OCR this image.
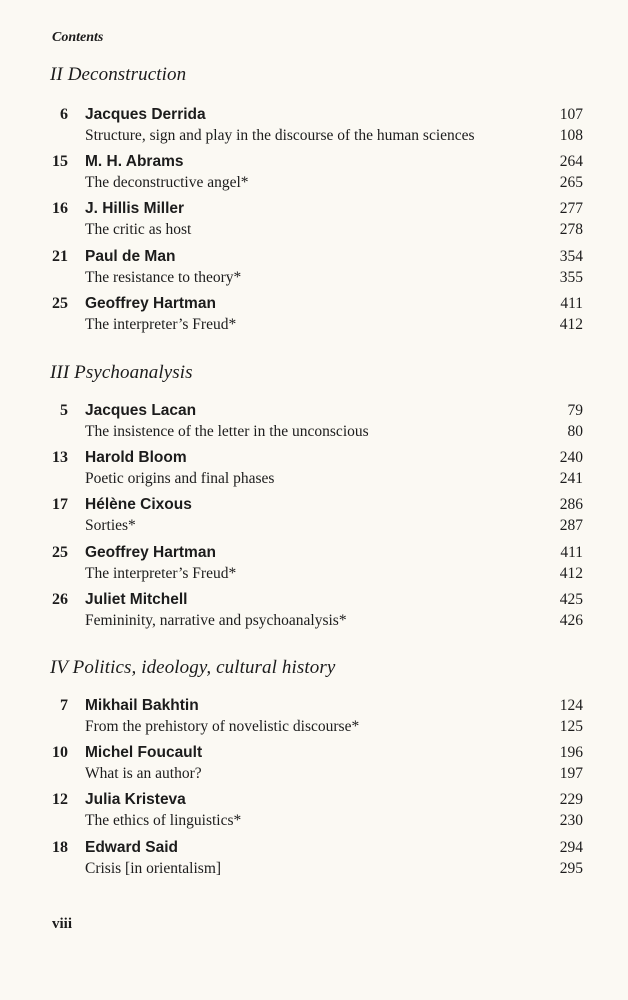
Contents
II Deconstruction
6 Jacques Derrida
Structure, sign and play in the discourse of the human sciences
107
108
15 M. H. Abrams
The deconstructive angel*
264
265
16 J. Hillis Miller
The critic as host
277
278
21 Paul de Man
The resistance to theory*
354
355
25 Geoffrey Hartman
The interpreter’s Freud*
411
412
III Psychoanalysis
5 Jacques Lacan
The insistence of the letter in the unconscious
79
80
13 Harold Bloom
Poetic origins and final phases
240
241
17 Hélène Cixous
Sorties*
286
287
25 Geoffrey Hartman
The interpreter’s Freud*
411
412
26 Juliet Mitchell
Femininity, narrative and psychoanalysis*
425
426
IV Politics, ideology, cultural history
7 Mikhail Bakhtin
From the prehistory of novelistic discourse*
124
125
10 Michel Foucault
What is an author?
196
197
12 Julia Kristeva
The ethics of linguistics*
229
230
18 Edward Said
Crisis [in orientalism]
294
295
viii
